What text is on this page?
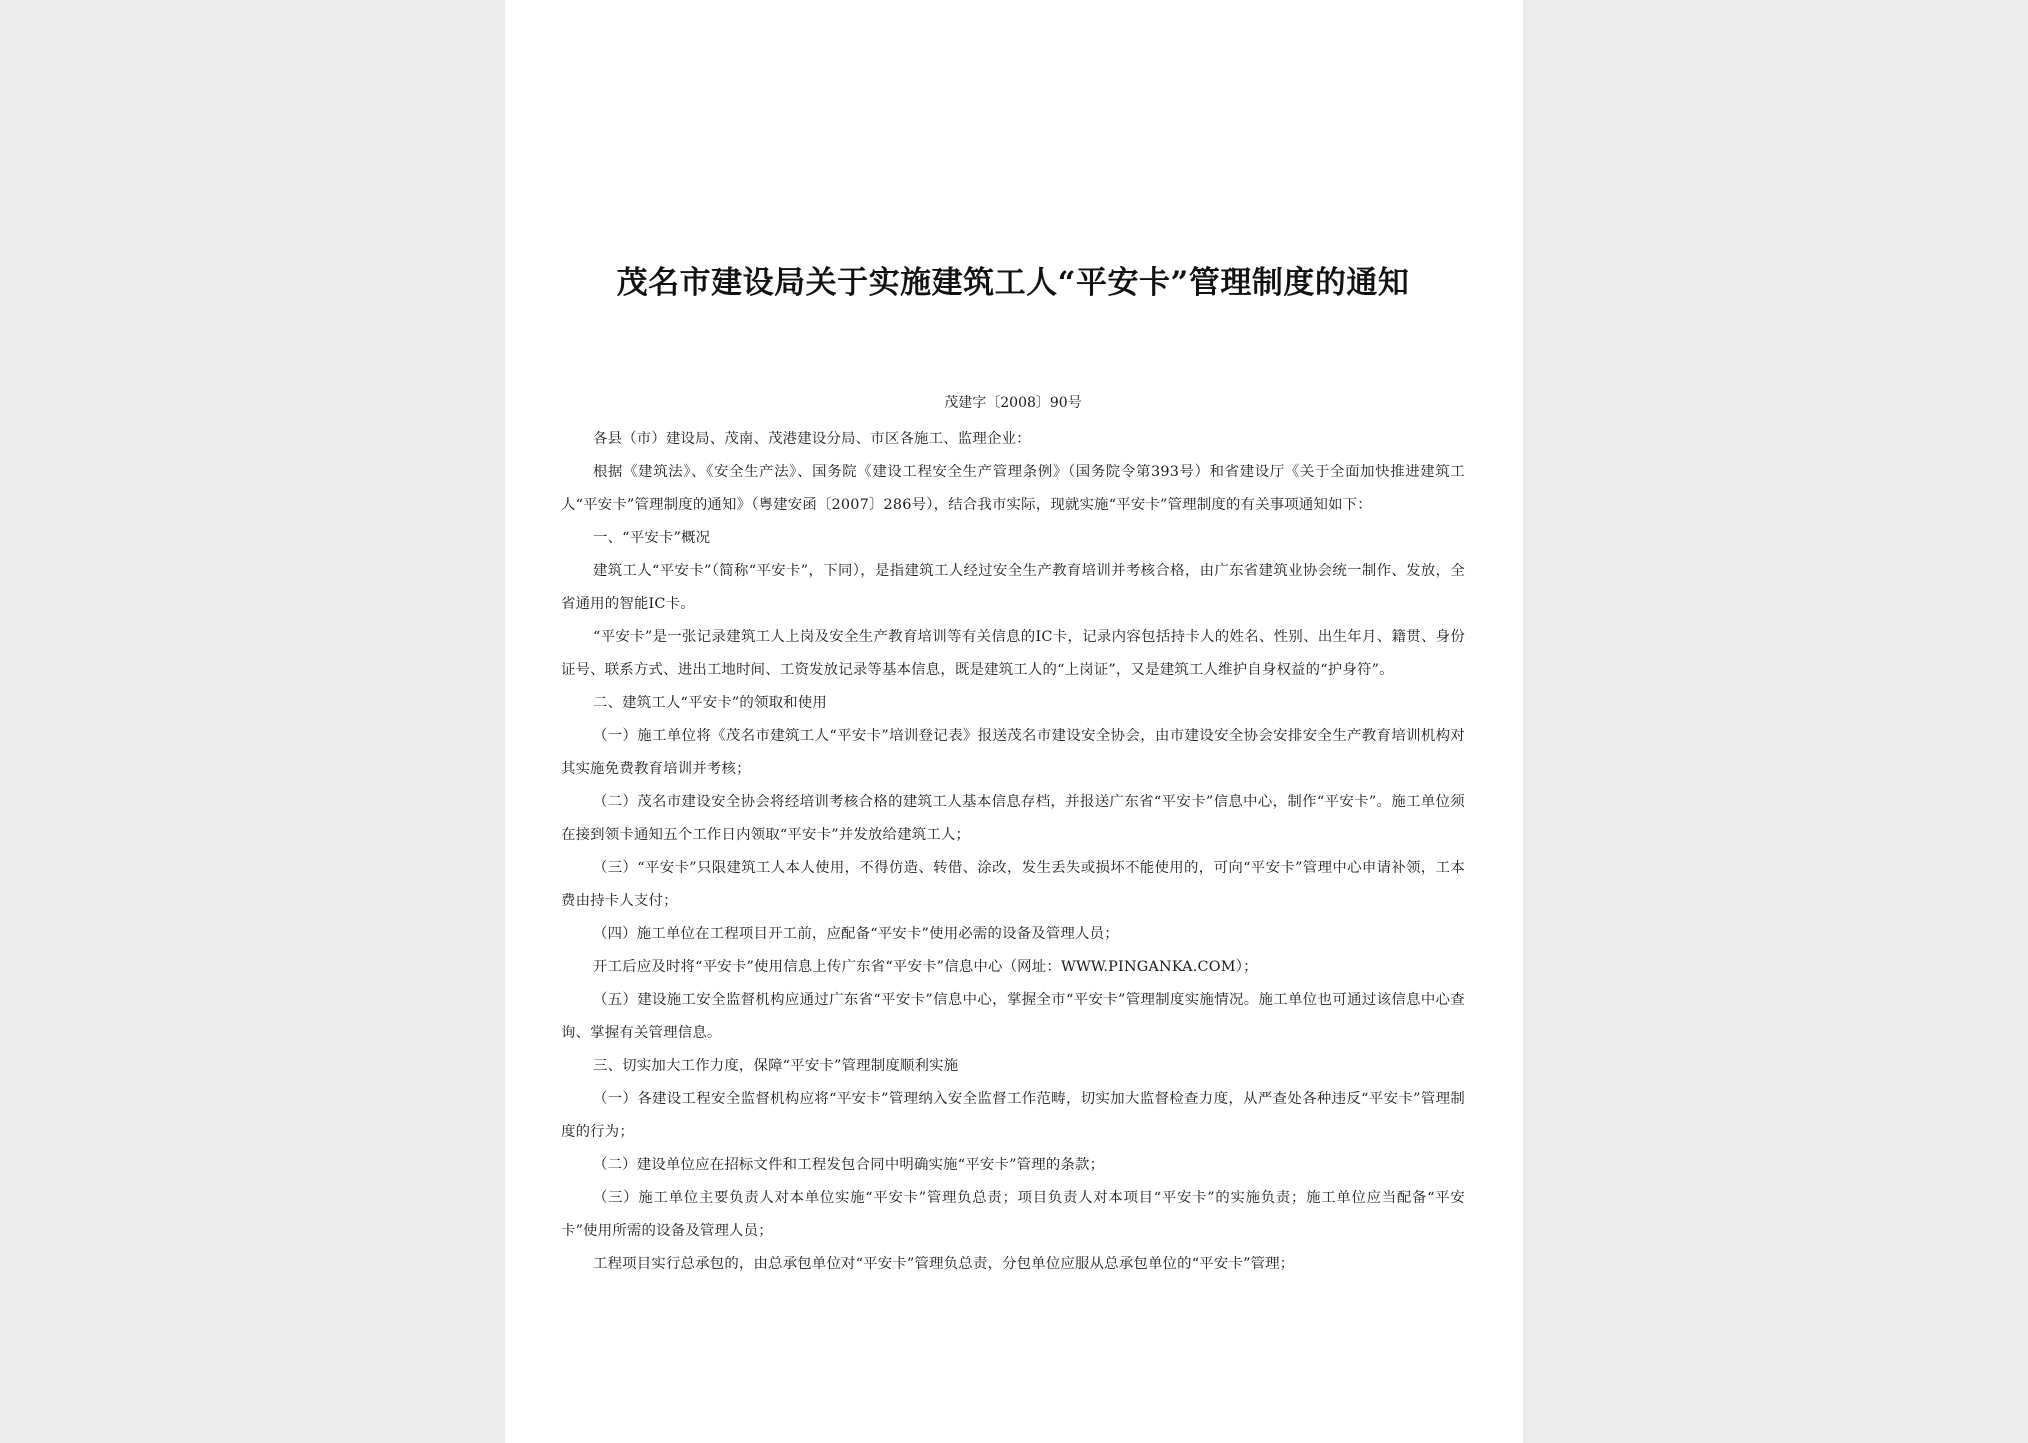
茂名市建设局关于实施建筑工人“平安卡”管理制度的通知
茂建字〔2008〕90号

各县（市）建设局、茂南、茂港建设分局、市区各施工、监理企业：

根据《建筑法》、《安全生产法》、国务院《建设工程安全生产管理条例》（国务院令第393号）和省建设厅《关于全面加快推进建筑工人“平安卡”管理制度的通知》（粤建安函〔2007〕286号），结合我市实际，现就实施“平安卡”管理制度的有关事项通知如下：

一、“平安卡”概况

建筑工人“平安卡”（简称“平安卡”，下同），是指建筑工人经过安全生产教育培训并考核合格，由广东省建筑业协会统一制作、发放，全省通用的智能IC卡。

“平安卡”是一张记录建筑工人上岗及安全生产教育培训等有关信息的IC卡，记录内容包括持卡人的姓名、性别、出生年月、籍贯、身份证号、联系方式、进出工地时间、工资发放记录等基本信息，既是建筑工人的“上岗证”，又是建筑工人维护自身权益的“护身符”。

二、建筑工人“平安卡”的领取和使用

（一）施工单位将《茂名市建筑工人“平安卡”培训登记表》报送茂名市建设安全协会，由市建设安全协会安排安全生产教育培训机构对其实施免费教育培训并考核；

（二）茂名市建设安全协会将经培训考核合格的建筑工人基本信息存档，并报送广东省“平安卡”信息中心，制作“平安卡”。施工单位须在接到领卡通知五个工作日内领取“平安卡”并发放给建筑工人；

（三）“平安卡”只限建筑工人本人使用，不得仿造、转借、涂改，发生丢失或损坏不能使用的，可向“平安卡”管理中心申请补领，工本费由持卡人支付；

（四）施工单位在工程项目开工前，应配备“平安卡”使用必需的设备及管理人员；

开工后应及时将“平安卡”使用信息上传广东省“平安卡”信息中心（网址：WWW.PINGANKA.COM）；

（五）建设施工安全监督机构应通过广东省“平安卡”信息中心，掌握全市“平安卡”管理制度实施情况。施工单位也可通过该信息中心查询、掌握有关管理信息。

三、切实加大工作力度，保障“平安卡”管理制度顺利实施

（一）各建设工程安全监督机构应将“平安卡”管理纳入安全监督工作范畴，切实加大监督检查力度，从严查处各种违反“平安卡”管理制度的行为；

（二）建设单位应在招标文件和工程发包合同中明确实施“平安卡”管理的条款；

（三）施工单位主要负责人对本单位实施“平安卡”管理负总责；项目负责人对本项目“平安卡”的实施负责；施工单位应当配备“平安卡”使用所需的设备及管理人员；

工程项目实行总承包的，由总承包单位对“平安卡”管理负总责，分包单位应服从总承包单位的“平安卡”管理；
